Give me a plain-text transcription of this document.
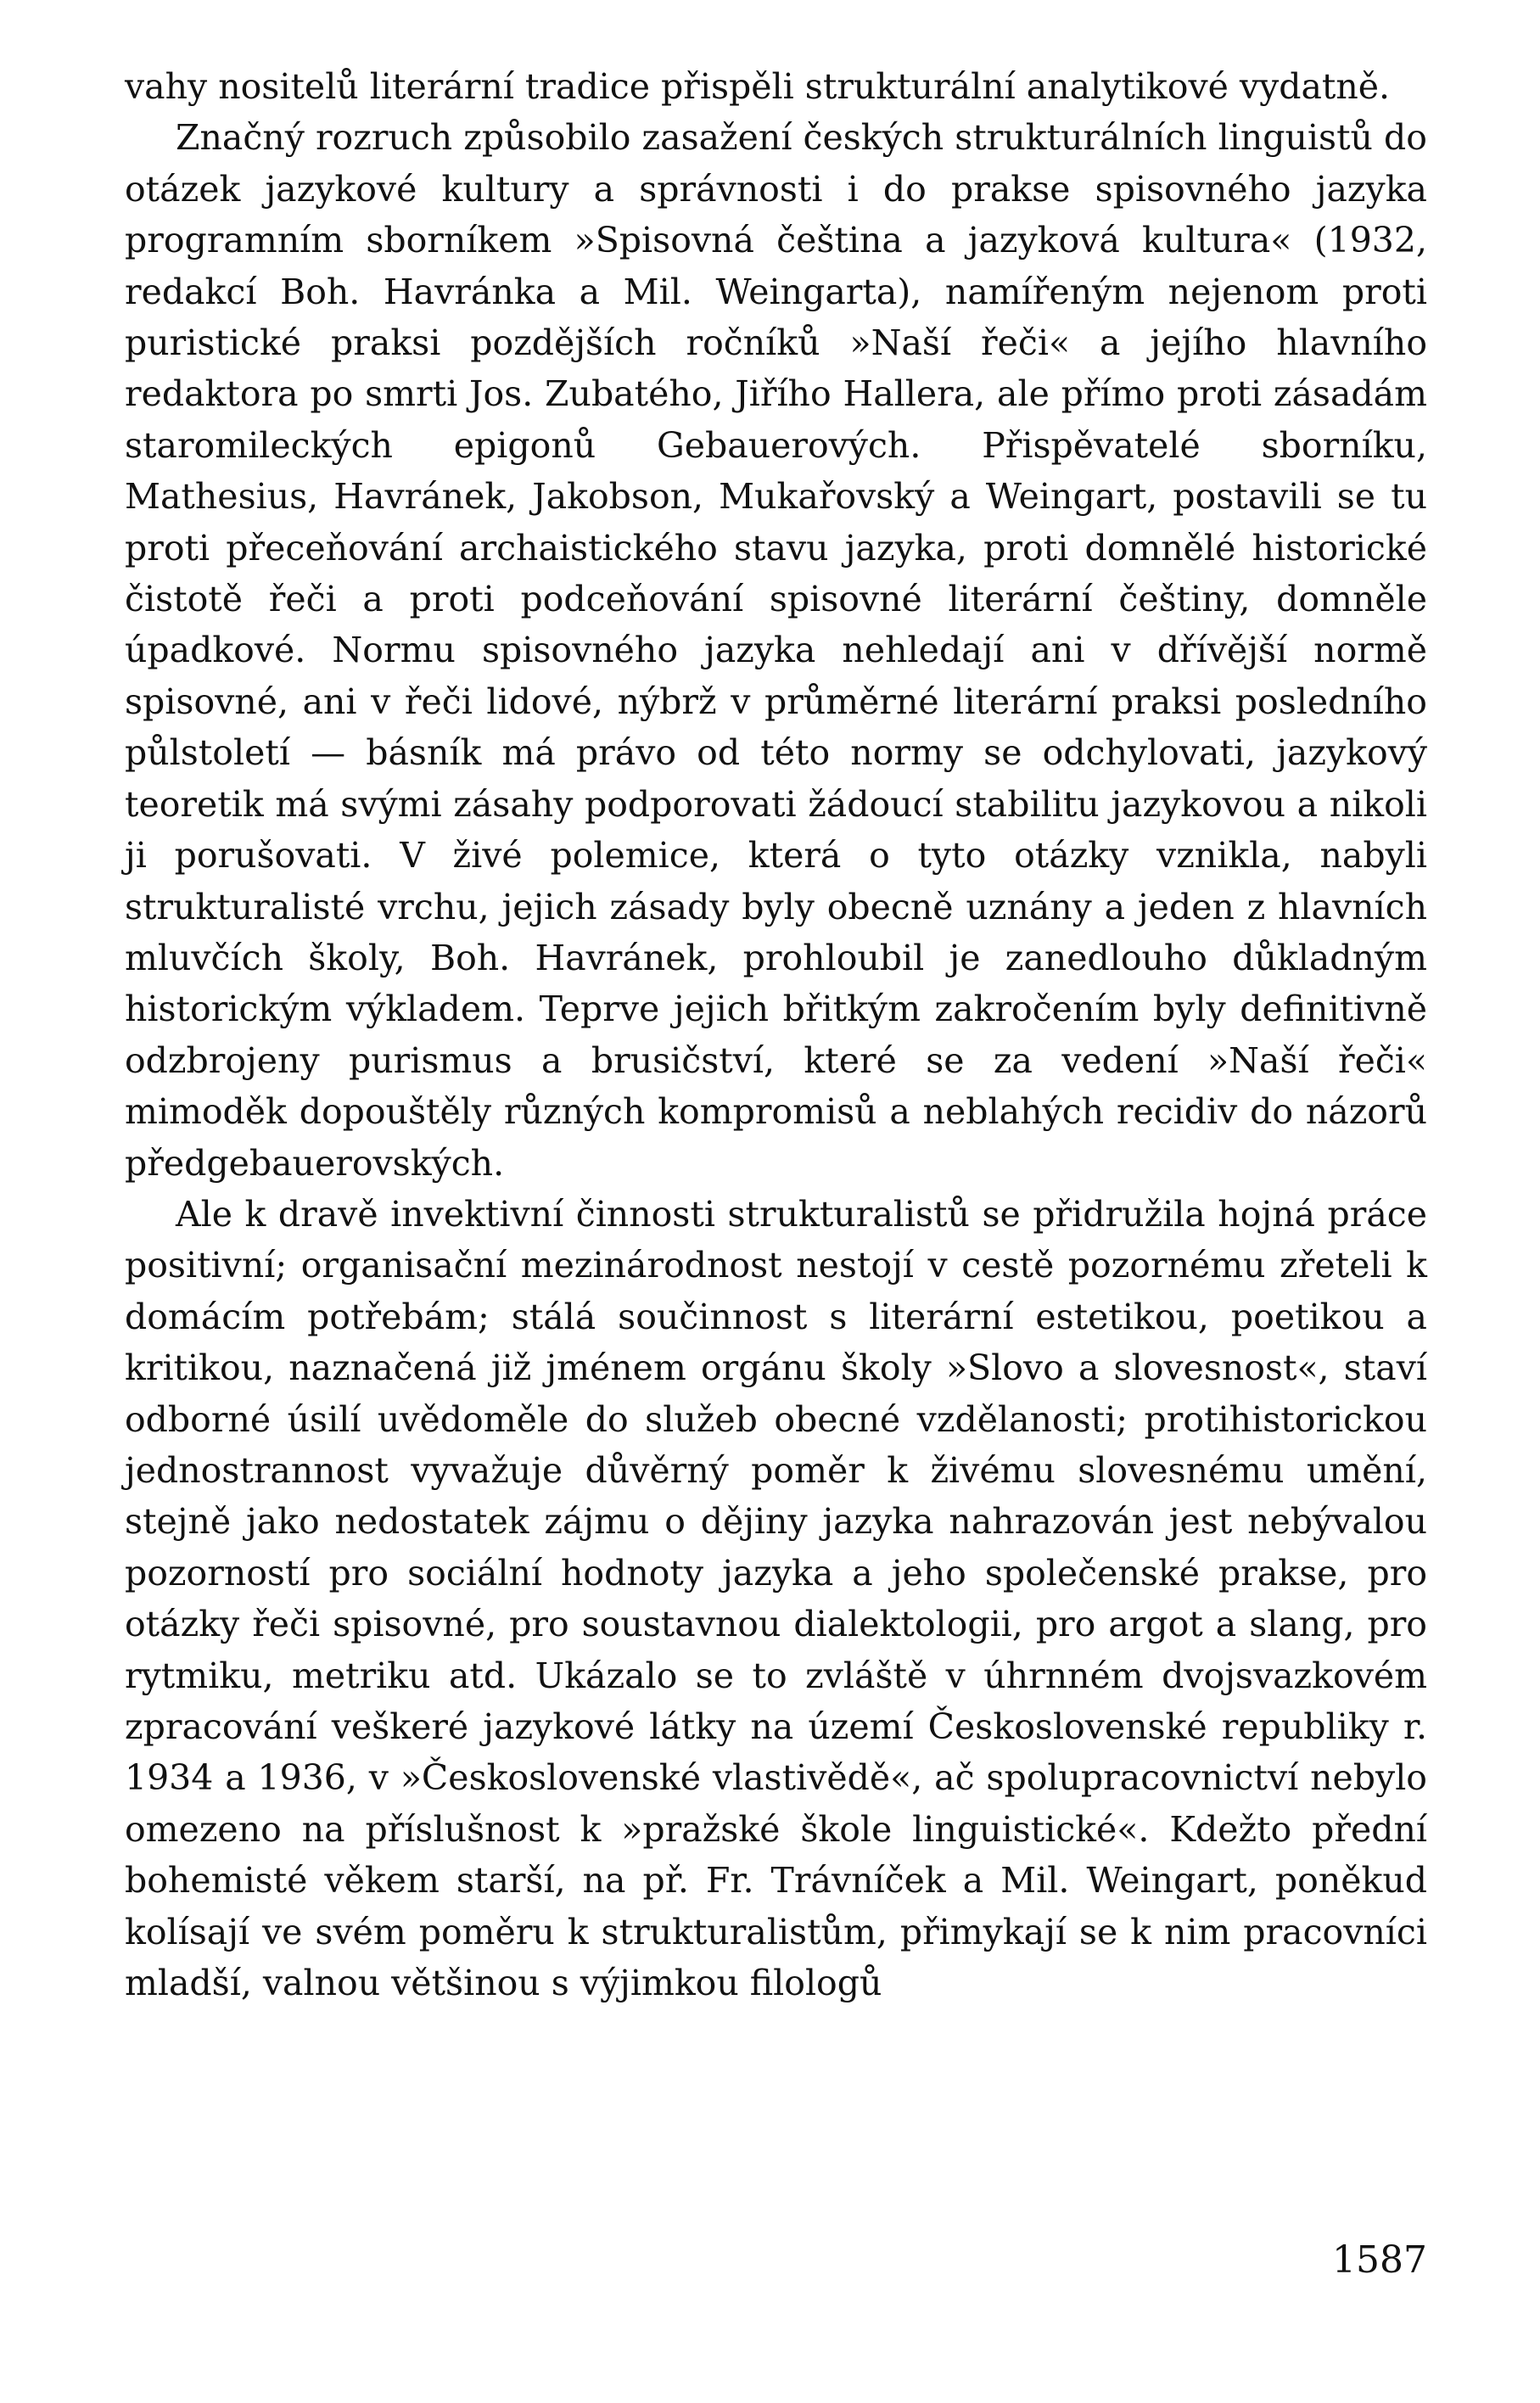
vahy nositelů literární tradice přispěli strukturální analytikové vydatně.

Značný rozruch způsobilo zasažení českých strukturálních linguistů do otázek jazykové kultury a správnosti i do prakse spisovného jazyka programním sborníkem »Spisovná čeština a jazyková kultura« (1932, redakcí Boh. Havránka a Mil. Weingarta), namířeným nejenom proti puristické praksi pozdějších ročníků »Naší řeči« a jejího hlavního redaktora po smrti Jos. Zubatého, Jiřího Hallera, ale přímo proti zásadám staromileckých epigonů Gebauerových. Přispěvatelé sborníku, Mathesius, Havránek, Jakobson, Mukařovský a Weingart, postavili se tu proti přeceňování archaistického stavu jazyka, proti domnělé historické čistotě řeči a proti podceňování spisovné literární češtiny, domněle úpadkové. Normu spisovného jazyka nehledají ani v dřívější normě spisovné, ani v řeči lidové, nýbrž v průměrné literární praksi posledního půlstoletí — básník má právo od této normy se odchylovati, jazykový teoretik má svými zásahy podporovati žádoucí stabilitu jazykovou a nikoli ji porušovati. V živé polemice, která o tyto otázky vznikla, nabyli strukturalisté vrchu, jejich zásady byly obecně uznány a jeden z hlavních mluvčích školy, Boh. Havránek, prohloubil je zanedlouho důkladným historickým výkladem. Teprve jejich břitkým zakročením byly definitivně odzbrojeny purismus a brusičství, které se za vedení »Naší řeči« mimoděk dopouštěly různých kompromisů a neblahých recidiv do názorů předgebauerovských.

Ale k dravě invektivní činnosti strukturalistů se přidružila hojná práce positivní; organisační mezinárodnost nestojí v cestě pozornému zřeteli k domácím potřebám; stálá součinnost s literární estetikou, poetikou a kritikou, naznačená již jménem orgánu školy »Slovo a slovesnost«, staví odborné úsilí uvědoměle do služeb obecné vzdělanosti; protihistorickou jednostrannost vyvažuje důvěrný poměr k živému slovesnému umění, stejně jako nedostatek zájmu o dějiny jazyka nahrazován jest nebývalou pozorností pro sociální hodnoty jazyka a jeho společenské prakse, pro otázky řeči spisovné, pro soustavnou dialektologii, pro argot a slang, pro rytmiku, metriku atd. Ukázalo se to zvláště v úhrnném dvojsvazkovém zpracování veškeré jazykové látky na území Československé republiky r. 1934 a 1936, v »Československé vlastivědě«, ač spolupracovnictví nebylo omezeno na příslušnost k »pražské škole linguistické«. Kdežto přední bohemisté věkem starší, na př. Fr. Trávníček a Mil. Weingart, poněkud kolísají ve svém poměru k strukturalistům, přimykají se k nim pracovníci mladší, valnou většinou s výjimkou filologů

1587
